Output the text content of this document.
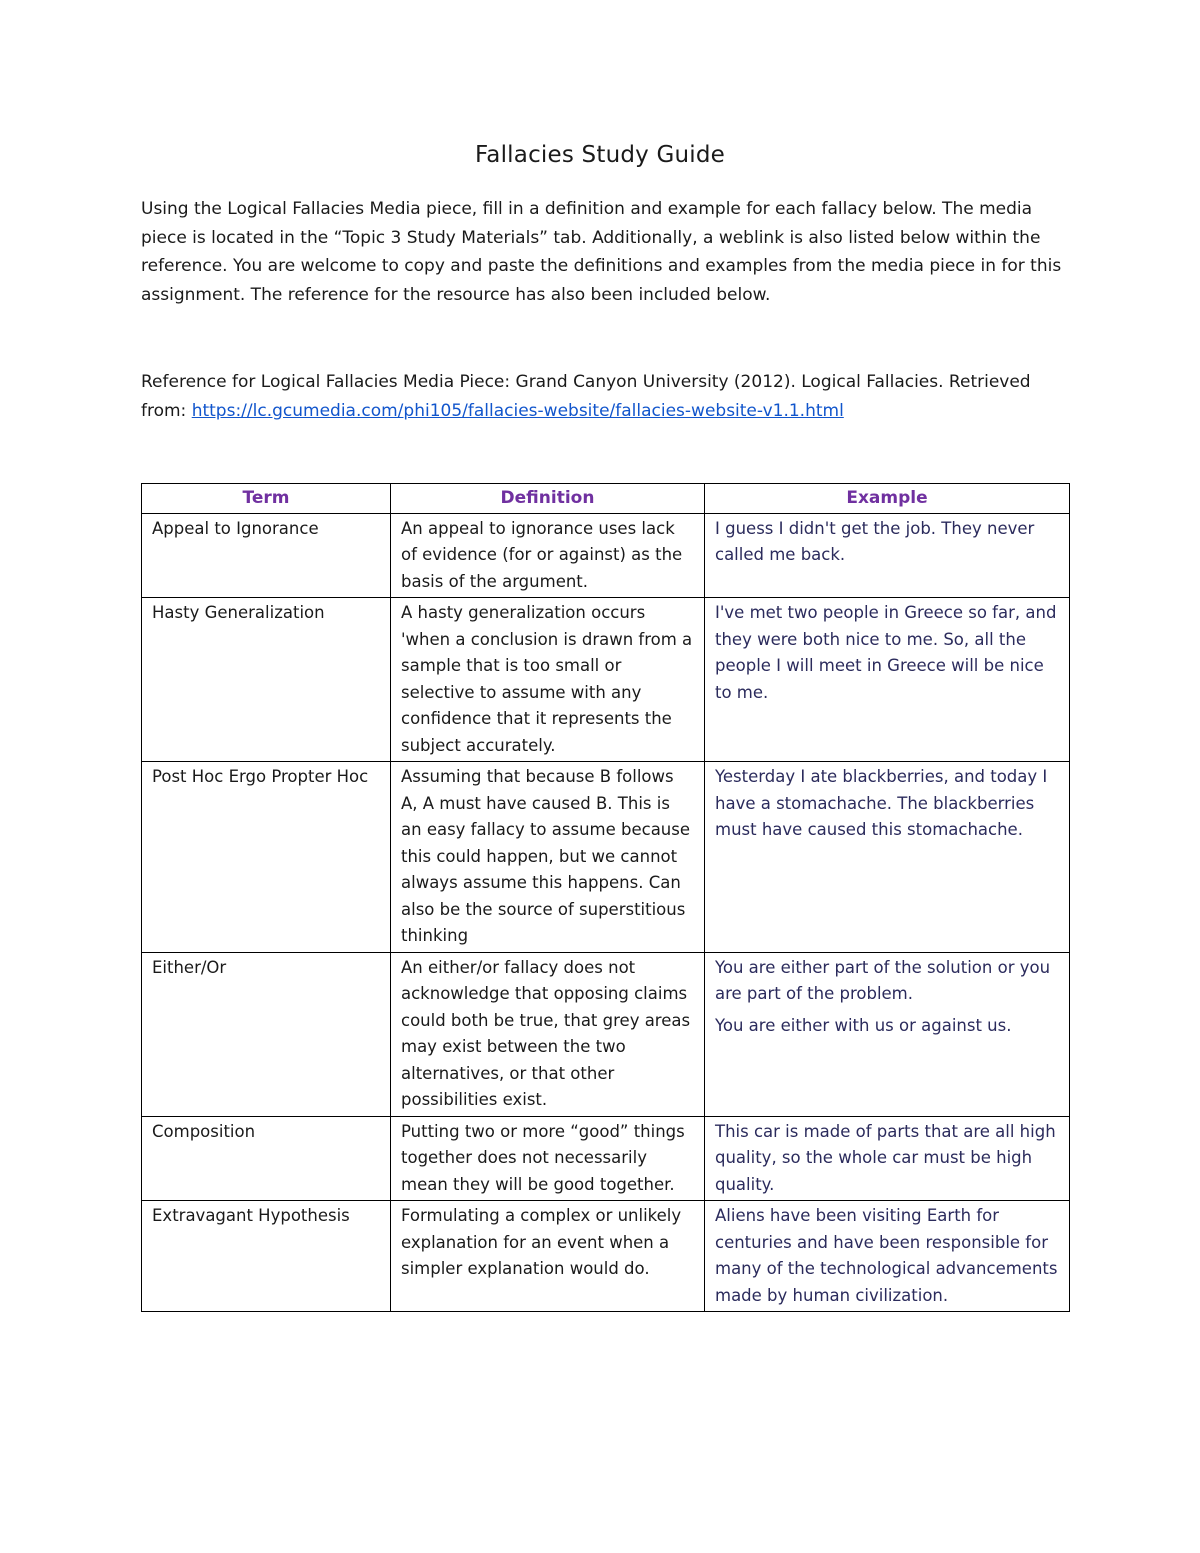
Fallacies Study Guide

Using the Logical Fallacies Media piece, fill in a definition and example for each fallacy below. The media piece is located in the “Topic 3 Study Materials” tab. Additionally, a weblink is also listed below within the reference. You are welcome to copy and paste the definitions and examples from the media piece in for this assignment. The reference for the resource has also been included below.

Reference for Logical Fallacies Media Piece: Grand Canyon University (2012). Logical Fallacies. Retrieved from: https://lc.gcumedia.com/phi105/fallacies-website/fallacies-website-v1.1.html

Term	Definition	Example
Appeal to Ignorance	An appeal to ignorance uses lack of evidence (for or against) as the basis of the argument.	I guess I didn't get the job. They never called me back.

Hasty Generalization	A hasty generalization occurs 'when a conclusion is drawn from a sample that is too small or selective to assume with any confidence that it represents the subject accurately.	I've met two people in Greece so far, and they were both nice to me. So, all the people I will meet in Greece will be nice to me.

Post Hoc Ergo Propter Hoc	Assuming that because B follows A, A must have caused B. This is an easy fallacy to assume because this could happen, but we cannot always assume this happens. Can also be the source of superstitious thinking	Yesterday I ate blackberries, and today I have a stomachache. The blackberries must have caused this stomachache.

Either/Or	An either/or fallacy does not acknowledge that opposing claims could both be true, that grey areas may exist between the two alternatives, or that other possibilities exist.	You are either part of the solution or you are part of the problem.
You are either with us or against us.

Composition	Putting two or more “good” things together does not necessarily mean they will be good together.	This car is made of parts that are all high quality, so the whole car must be high quality.

Extravagant Hypothesis	Formulating a complex or unlikely explanation for an event when a simpler explanation would do.	Aliens have been visiting Earth for centuries and have been responsible for many of the technological advancements made by human civilization.
